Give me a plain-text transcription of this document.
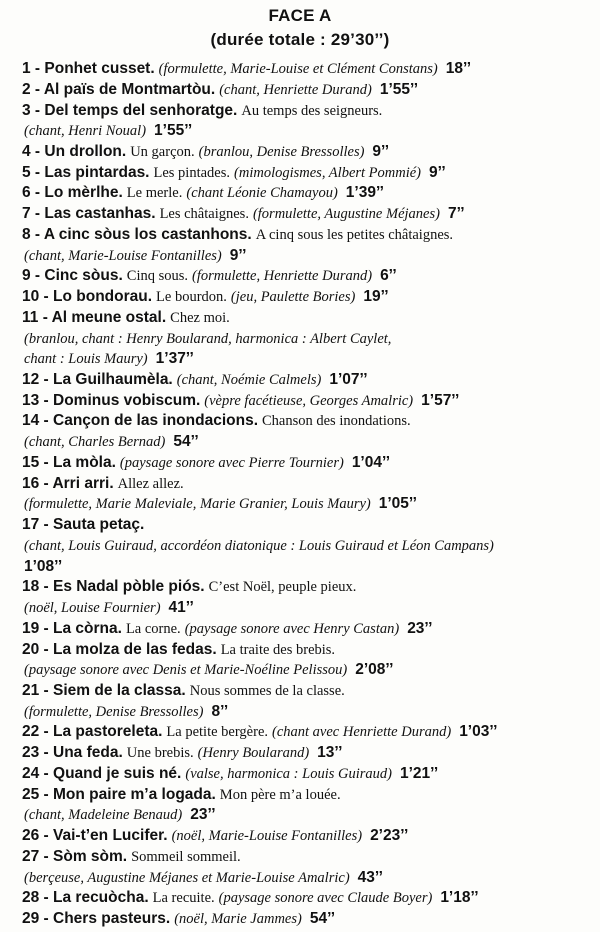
FACE A
(durée totale : 29’30’’)
1 - Ponhet cusset. (formulette, Marie-Louise et Clément Constans) 18’’
2 - Al païs de Montmartòu. (chant, Henriette Durand) 1’55’’
3 - Del temps del senhoratge. Au temps des seigneurs.
(chant, Henri Noual) 1’55’’
4 - Un drollon. Un garçon. (branlou, Denise Bressolles) 9’’
5 - Las pintardas. Les pintades. (mimologismes, Albert Pommié) 9’’
6 - Lo mèrlhe. Le merle. (chant Léonie Chamayou) 1’39’’
7 - Las castanhas. Les châtaignes. (formulette, Augustine Méjanes) 7’’
8 - A cinc sòus los castanhons. A cinq sous les petites châtaignes.
(chant, Marie-Louise Fontanilles) 9’’
9 - Cinc sòus. Cinq sous. (formulette, Henriette Durand) 6’’
10 - Lo bondorau. Le bourdon. (jeu, Paulette Bories) 19’’
11 - Al meune ostal. Chez moi.
(branlou, chant : Henry Boularand, harmonica : Albert Caylet,
chant : Louis Maury) 1’37’’
12 - La Guilhaumèla. (chant, Noémie Calmels) 1’07’’
13 - Dominus vobiscum. (vèpre facétieuse, Georges Amalric) 1’57’’
14 - Cançon de las inondacions. Chanson des inondations.
(chant, Charles Bernad) 54’’
15 - La mòla. (paysage sonore avec Pierre Tournier) 1’04’’
16 - Arri arri. Allez allez.
(formulette, Marie Maleviale, Marie Granier, Louis Maury) 1’05’’
17 - Sauta petaç.
(chant, Louis Guiraud, accordéon diatonique : Louis Guiraud et Léon Campans)
1’08’’
18 - Es Nadal pòble piós. C’est Noël, peuple pieux.
(noël, Louise Fournier) 41’’
19 - La còrna. La corne. (paysage sonore avec Henry Castan) 23’’
20 - La molza de las fedas. La traite des brebis.
(paysage sonore avec Denis et Marie-Noéline Pelissou) 2’08’’
21 - Siem de la classa. Nous sommes de la classe.
(formulette, Denise Bressolles) 8’’
22 - La pastoreleta. La petite bergère. (chant avec Henriette Durand) 1’03’’
23 - Una feda. Une brebis. (Henry Boularand) 13’’
24 - Quand je suis né. (valse, harmonica : Louis Guiraud) 1’21’’
25 - Mon paire m’a logada. Mon père m’a louée.
(chant, Madeleine Benaud) 23’’
26 - Vai-t’en Lucifer. (noël, Marie-Louise Fontanilles) 2’23’’
27 - Sòm sòm. Sommeil sommeil.
(berçeuse, Augustine Méjanes et Marie-Louise Amalric) 43’’
28 - La recuòcha. La recuite. (paysage sonore avec Claude Boyer) 1’18’’
29 - Chers pasteurs. (noël, Marie Jammes) 54’’
